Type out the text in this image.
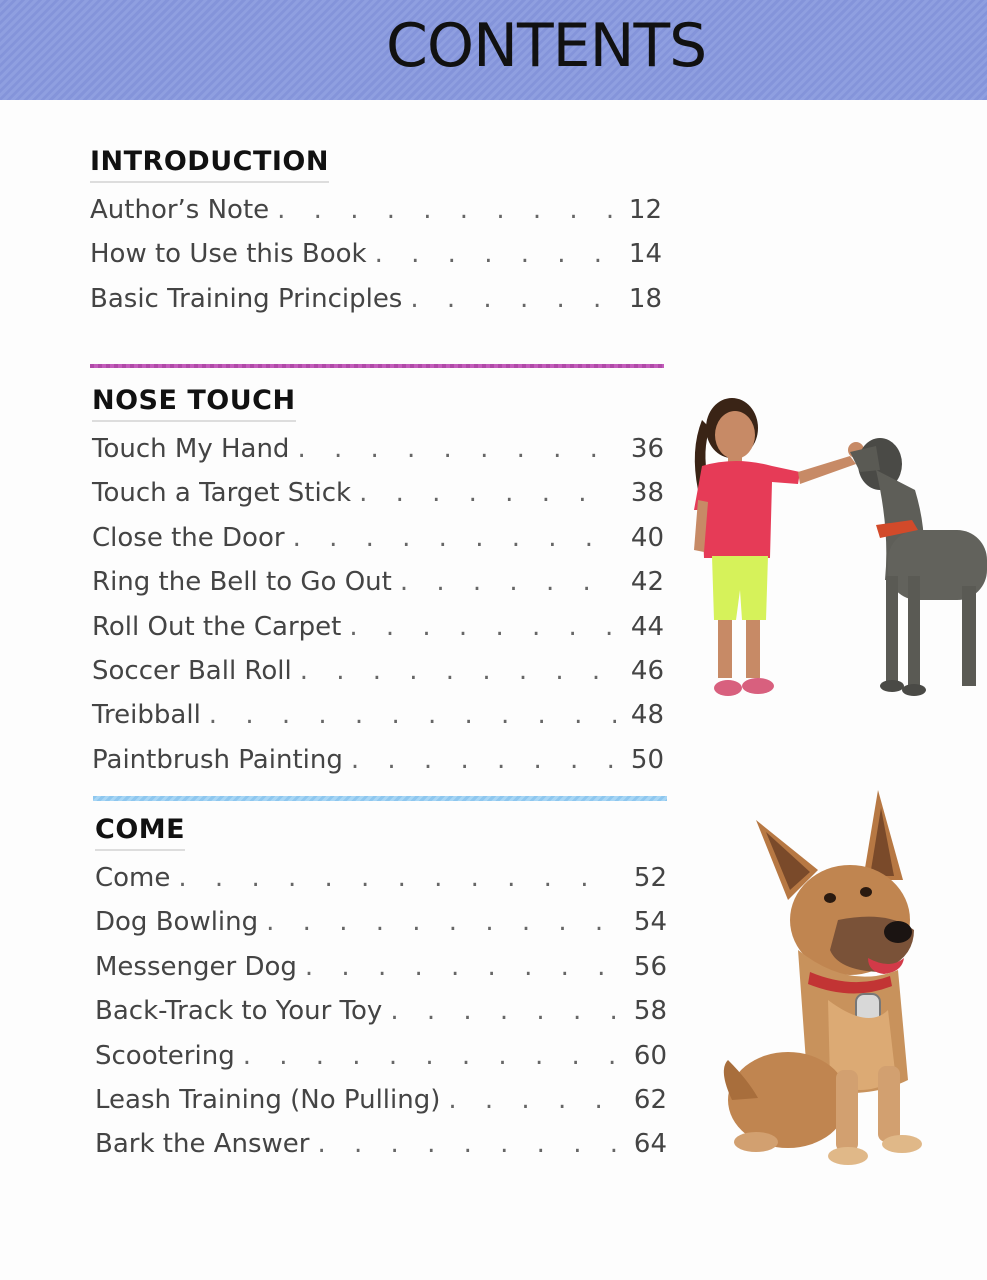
CONTENTS
INTRODUCTION
Author’s Note . . .	12
How to Use this Book . . .	14
Basic Training Principles . . .	18
NOSE TOUCH
Touch My Hand . . .	36
Touch a Target Stick . . .	38
Close the Door . . .	40
Ring the Bell to Go Out . . .	42
Roll Out the Carpet . . .	44
Soccer Ball Roll . . .	46
Treibball . . .	48
Paintbrush Painting . . .	50
COME
Come . . .	52
Dog Bowling . . .	54
Messenger Dog . . .	56
Back-Track to Your Toy . . .	58
Scootering . . .	60
Leash Training (No Pulling) . . .	62
Bark the Answer . . .	64
